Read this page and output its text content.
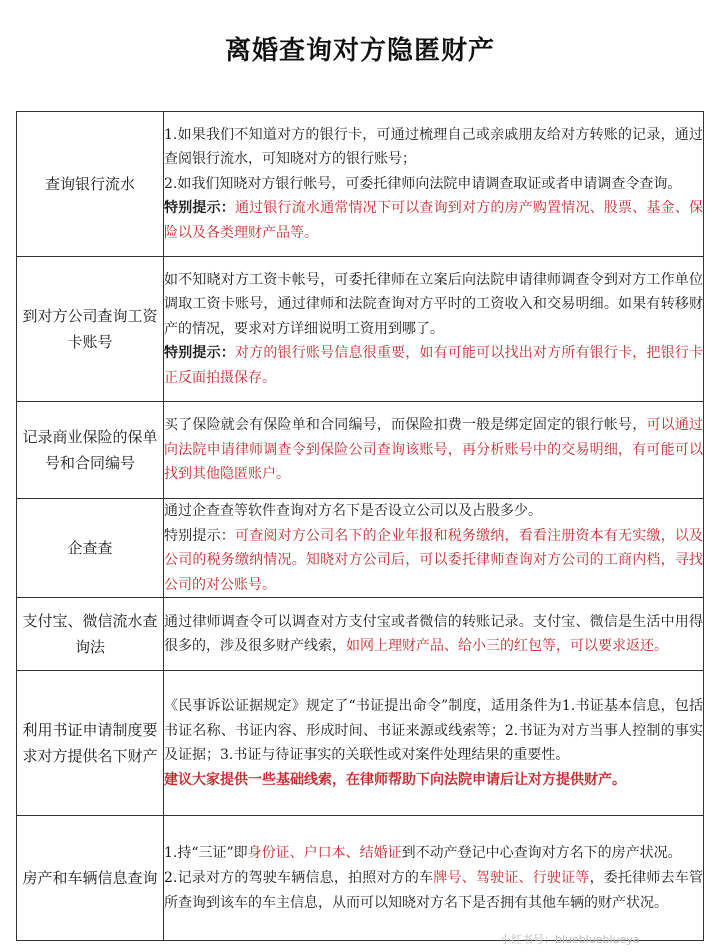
离婚查询对方隐匿财产
查询银行流水	1.如果我们不知道对方的银行卡，可通过梳理自己或亲戚朋友给对方转账的记录，通过查阅银行流水，可知晓对方的银行账号；
2.如我们知晓对方银行帐号，可委托律师向法院申请调查取证或者申请调查令查询。
特别提示：通过银行流水通常情况下可以查询到对方的房产购置情况、股票、基金、保险以及各类理财产品等。

到对方公司查询工资卡账号	如不知晓对方工资卡帐号，可委托律师在立案后向法院申请律师调查令到对方工作单位调取工资卡账号，通过律师和法院查询对方平时的工资收入和交易明细。如果有转移财产的情况，要求对方详细说明工资用到哪了。
特别提示：对方的银行账号信息很重要，如有可能可以找出对方所有银行卡，把银行卡正反面拍摄保存。

记录商业保险的保单号和合同编号	买了保险就会有保险单和合同编号，而保险扣费一般是绑定固定的银行帐号，可以通过向法院申请律师调查令到保险公司查询该账号，再分析账号中的交易明细，有可能可以找到其他隐匿账户。

企查查	通过企查查等软件查询对方名下是否设立公司以及占股多少。
特别提示：可查阅对方公司名下的企业年报和税务缴纳，看看注册资本有无实缴，以及公司的税务缴纳情况。知晓对方公司后，可以委托律师查询对方公司的工商内档，寻找公司的对公账号。

支付宝、微信流水查询法	通过律师调查令可以调查对方支付宝或者微信的转账记录。支付宝、微信是生活中用得很多的，涉及很多财产线索，如网上理财产品、给小三的红包等，可以要求返还。

利用书证申请制度要求对方提供名下财产	《民事诉讼证据规定》规定了“书证提出命令”制度，适用条件为1.书证基本信息，包括书证名称、书证内容、形成时间、书证来源或线索等；2.书证为对方当事人控制的事实及证据；3.书证与待证事实的关联性或对案件处理结果的重要性。
建议大家提供一些基础线索，在律师帮助下向法院申请后让对方提供财产。

房产和车辆信息查询	1.持“三证”即身份证、户口本、结婚证到不动产登记中心查询对方名下的房产状况。
2.记录对方的驾驶车辆信息，拍照对方的车牌号、驾驶证、行驶证等，委托律师去车管所查询到该车的车主信息，从而可以知晓对方名下是否拥有其他车辆的财产状况。
小红书号：blueblueblueya
